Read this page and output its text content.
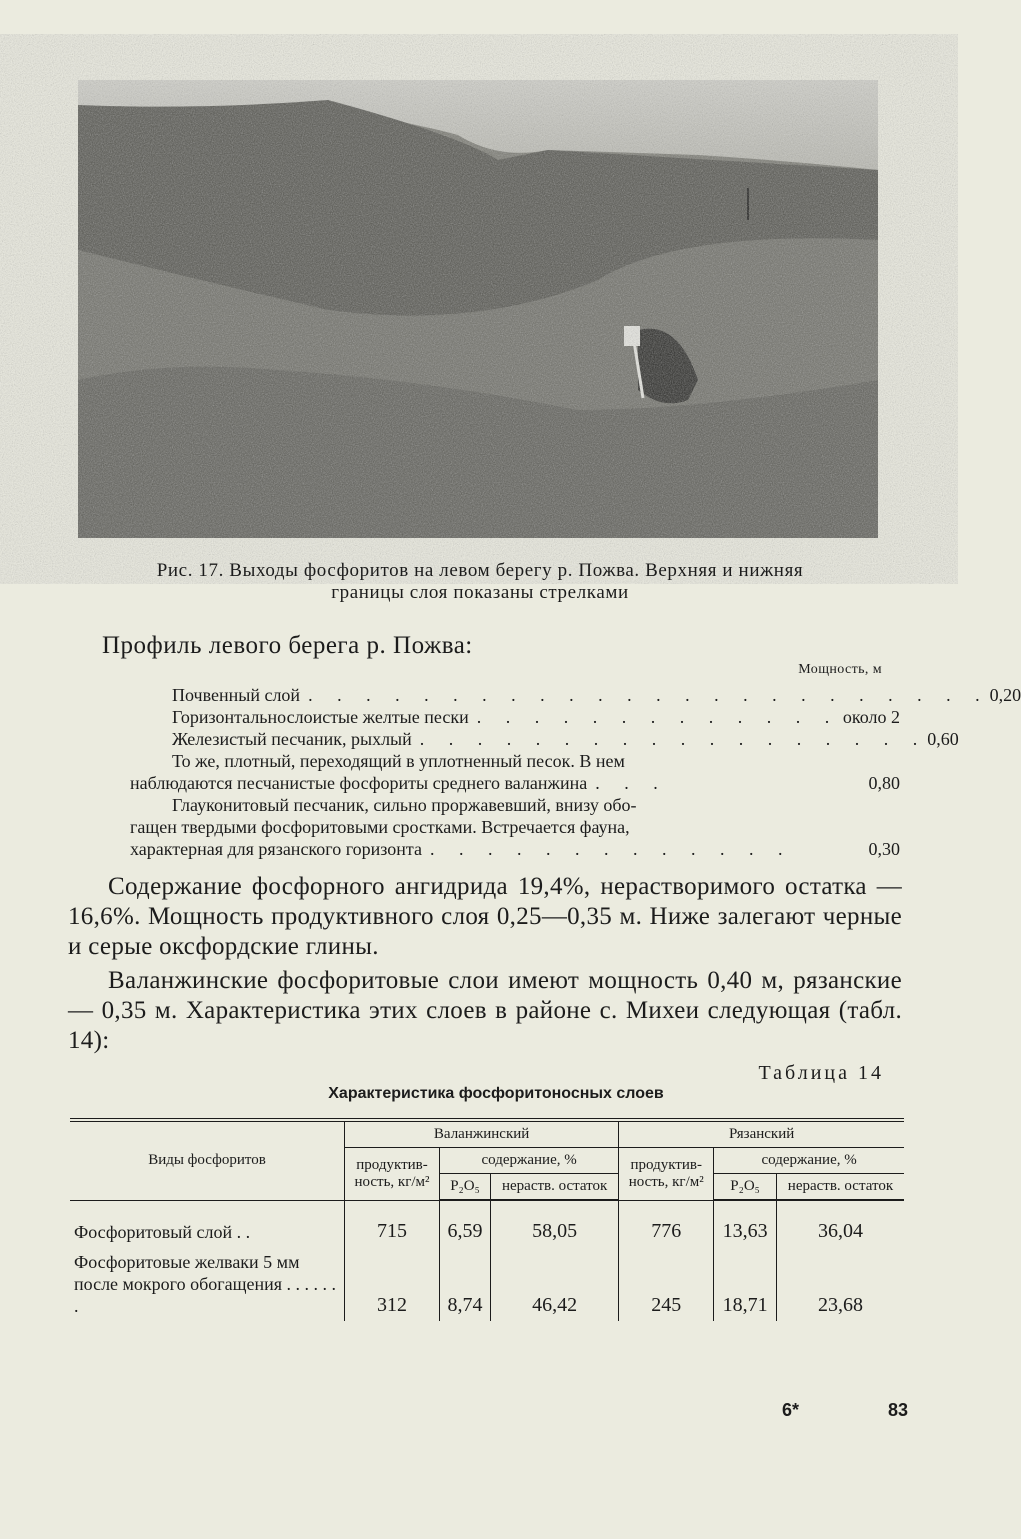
Рис. 17. Выходы фосфоритов на левом берегу р. Пожва. Верхняя и нижняя
границы слоя показаны стрелками
Профиль левого берега р. Пожва:
Мощность, м
Почвенный слой . . . . . . . . . . . . . . . . . . . . . . . . 0,20
Горизонтальнослоистые желтые пески . . . . . . . . . . . . . около 2
Железистый песчаник, рыхлый . . . . . . . . . . . . . . . . . . 0,60
То же, плотный, переходящий в уплотненный песок. В нем
наблюдаются песчанистые фосфориты среднего валанжина . . .	0,80
Глауконитовый песчаник, сильно проржавевший, внизу обо-
гащен твердыми фосфоритовыми сростками. Встречается фауна,
характерная для рязанского горизонта . . . . . . . . . . . . .	0,30

Содержание фосфорного ангидрида 19,4%, нерастворимого остатка — 16,6%. Мощность продуктивного слоя 0,25—0,35 м. Ниже залегают черные и серые оксфордские глины.

Валанжинские фосфоритовые слои имеют мощность 0,40 м, рязанские — 0,35 м. Характеристика этих слоев в районе с. Михеи следующая (табл. 14):

Таблица 14
Характеристика фосфоритоносных слоев
Виды фосфоритов	Валанжинский			Рязанский		
	продуктив-ность, кг/м²	содержание, %		продуктив-ность, кг/м²	содержание, %	
		P₂O₅	нераств. остаток		P₂O₅	нераств. остаток
Фосфоритовый слой . .	715	6,59	58,05	776	13,63	36,04
Фосфоритовые желваки 5 мм после мокрого обогащения . . . . . . .	312	8,74	46,42	245	18,71	23,68
6*	83
